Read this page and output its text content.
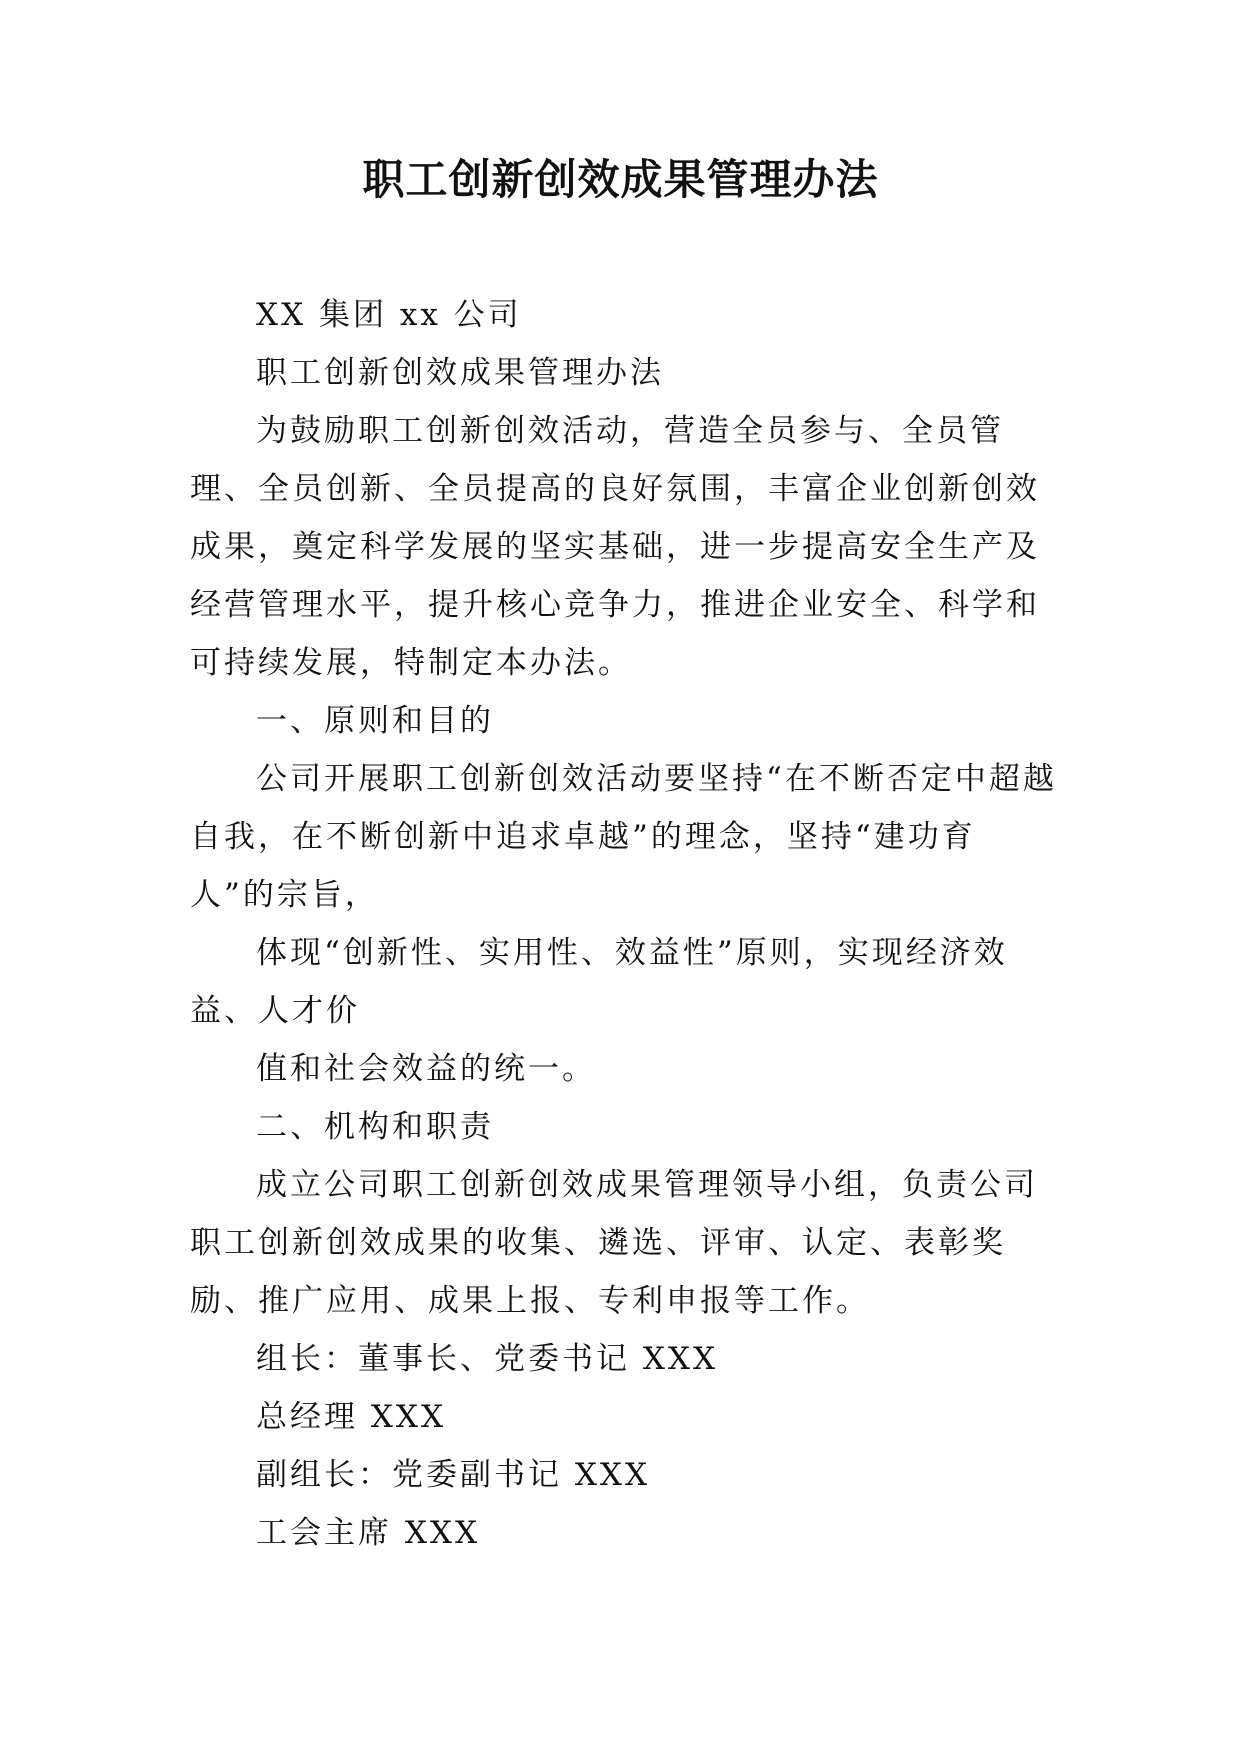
职工创新创效成果管理办法

XX 集团 xx 公司

职工创新创效成果管理办法

为鼓励职工创新创效活动，营造全员参与、全员管理、全员创新、全员提高的良好氛围，丰富企业创新创效成果，奠定科学发展的坚实基础，进一步提高安全生产及经营管理水平，提升核心竞争力，推进企业安全、科学和可持续发展，特制定本办法。

一、原则和目的

公司开展职工创新创效活动要坚持“在不断否定中超越自我，在不断创新中追求卓越”的理念，坚持“建功育人”的宗旨，

体现“创新性、实用性、效益性”原则，实现经济效益、人才价

值和社会效益的统一。

二、机构和职责

成立公司职工创新创效成果管理领导小组，负责公司职工创新创效成果的收集、遴选、评审、认定、表彰奖励、推广应用、成果上报、专利申报等工作。

组长：董事长、党委书记 XXX

总经理 XXX

副组长：党委副书记 XXX

工会主席 XXX
